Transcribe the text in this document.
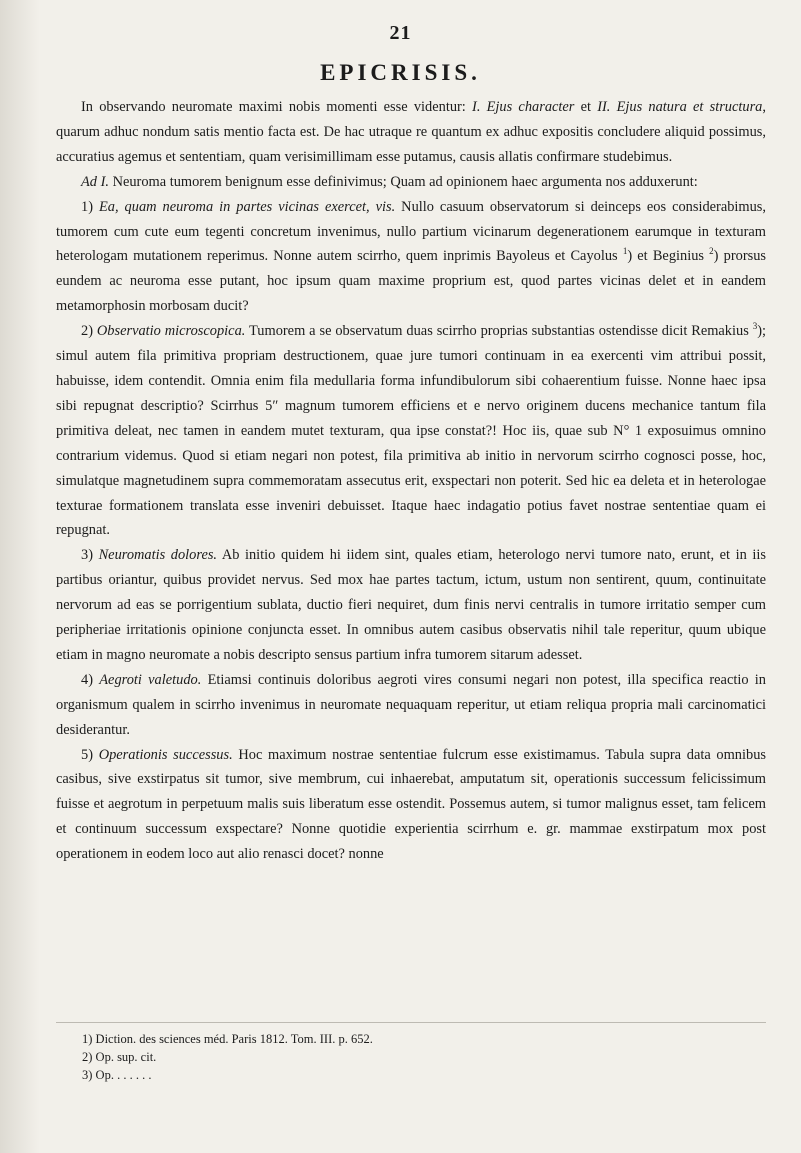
21
EPICRISIS.

In observando neuromate maximi nobis momenti esse videntur: I. Ejus character et II. Ejus natura et structura, quarum adhuc nondum satis mentio facta est. De hac utraque re quantum ex adhuc expositis concludere aliquid possimus, accuratius agemus et sententiam, quam verisimillimam esse putamus, causis allatis confirmare studebimus.

Ad I. Neuroma tumorem benignum esse definivimus; Quam ad opinionem haec argumenta nos adduxerunt:

1) Ea, quam neuroma in partes vicinas exercet, vis. Nullo casuum observatorum si deinceps eos considerabimus, tumorem cum cute eum tegenti concretum invenimus, nullo partium vicinarum degenerationem earumque in texturam heterologam mutationem reperimus. Nonne autem scirrho, quem inprimis Bayoleus et Cayolus $^1$) et Beginius $^2$) prorsus eundem ac neuroma esse putant, hoc ipsum quam maxime proprium est, quod partes vicinas delet et in eandem metamorphosin morbosam ducit?

2) Observatio microscopica. Tumorem a se observatum duas scirrho proprias substantias ostendisse dicit Remakius $^3$); simul autem fila primitiva propriam destructionem, quae jure tumori continuam in ea exercenti vim attribui possit, habuisse, idem contendit. Omnia enim fila medullaria forma infundibulorum sibi cohaerentium fuisse. Nonne haec ipsa sibi repugnat descriptio? Scirrhus 5″ magnum tumorem efficiens et e nervo originem ducens mechanice tantum fila primitiva deleat, nec tamen in eandem mutet texturam, qua ipse constat?! Hoc iis, quae sub N° 1 exposuimus omnino contrarium videmus. Quod si etiam negari non potest, fila primitiva ab initio in nervorum scirrho cognosci posse, hoc, simulatque magnetudinem supra commemoratam assecutus erit, exspectari non poterit. Sed hic ea deleta et in heterologae texturae formationem translata esse inveniri debuisset. Itaque haec indagatio potius favet nostrae sententiae quam ei repugnat.

3) Neuromatis dolores. Ab initio quidem hi iidem sint, quales etiam, heterologo nervi tumore nato, erunt, et in iis partibus oriantur, quibus providet nervus. Sed mox hae partes tactum, ictum, ustum non sentirent, quum, continuitate nervorum ad eas se porrigentium sublata, ductio fieri nequiret, dum finis nervi centralis in tumore irritatio semper cum peripheriae irritationis opinione conjuncta esset. In omnibus autem casibus observatis nihil tale reperitur, quum ubique etiam in magno neuromate a nobis descripto sensus partium infra tumorem sitarum adesset.

4) Aegroti valetudo. Etiamsi continuis doloribus aegroti vires consumi negari non potest, illa specifica reactio in organismum qualem in scirrho invenimus in neuromate nequaquam reperitur, ut etiam reliqua propria mali carcinomatici desiderantur.

5) Operationis successus. Hoc maximum nostrae sententiae fulcrum esse existimamus. Tabula supra data omnibus casibus, sive exstirpatus sit tumor, sive membrum, cui inhaerebat, amputatum sit, operationis successum felicissimum fuisse et aegrotum in perpetuum malis suis liberatum esse ostendit. Possemus autem, si tumor malignus esset, tam felicem et continuum successum exspectare? Nonne quotidie experientia scirrhum e. gr. mammae exstirpatum mox post operationem in eodem loco aut alio renasci docet? nonne

1) Diction. des sciences méd. Paris 1812. Tom. III. p. 652.
2) Op. sup. cit.
3) Op. . . . . . .
